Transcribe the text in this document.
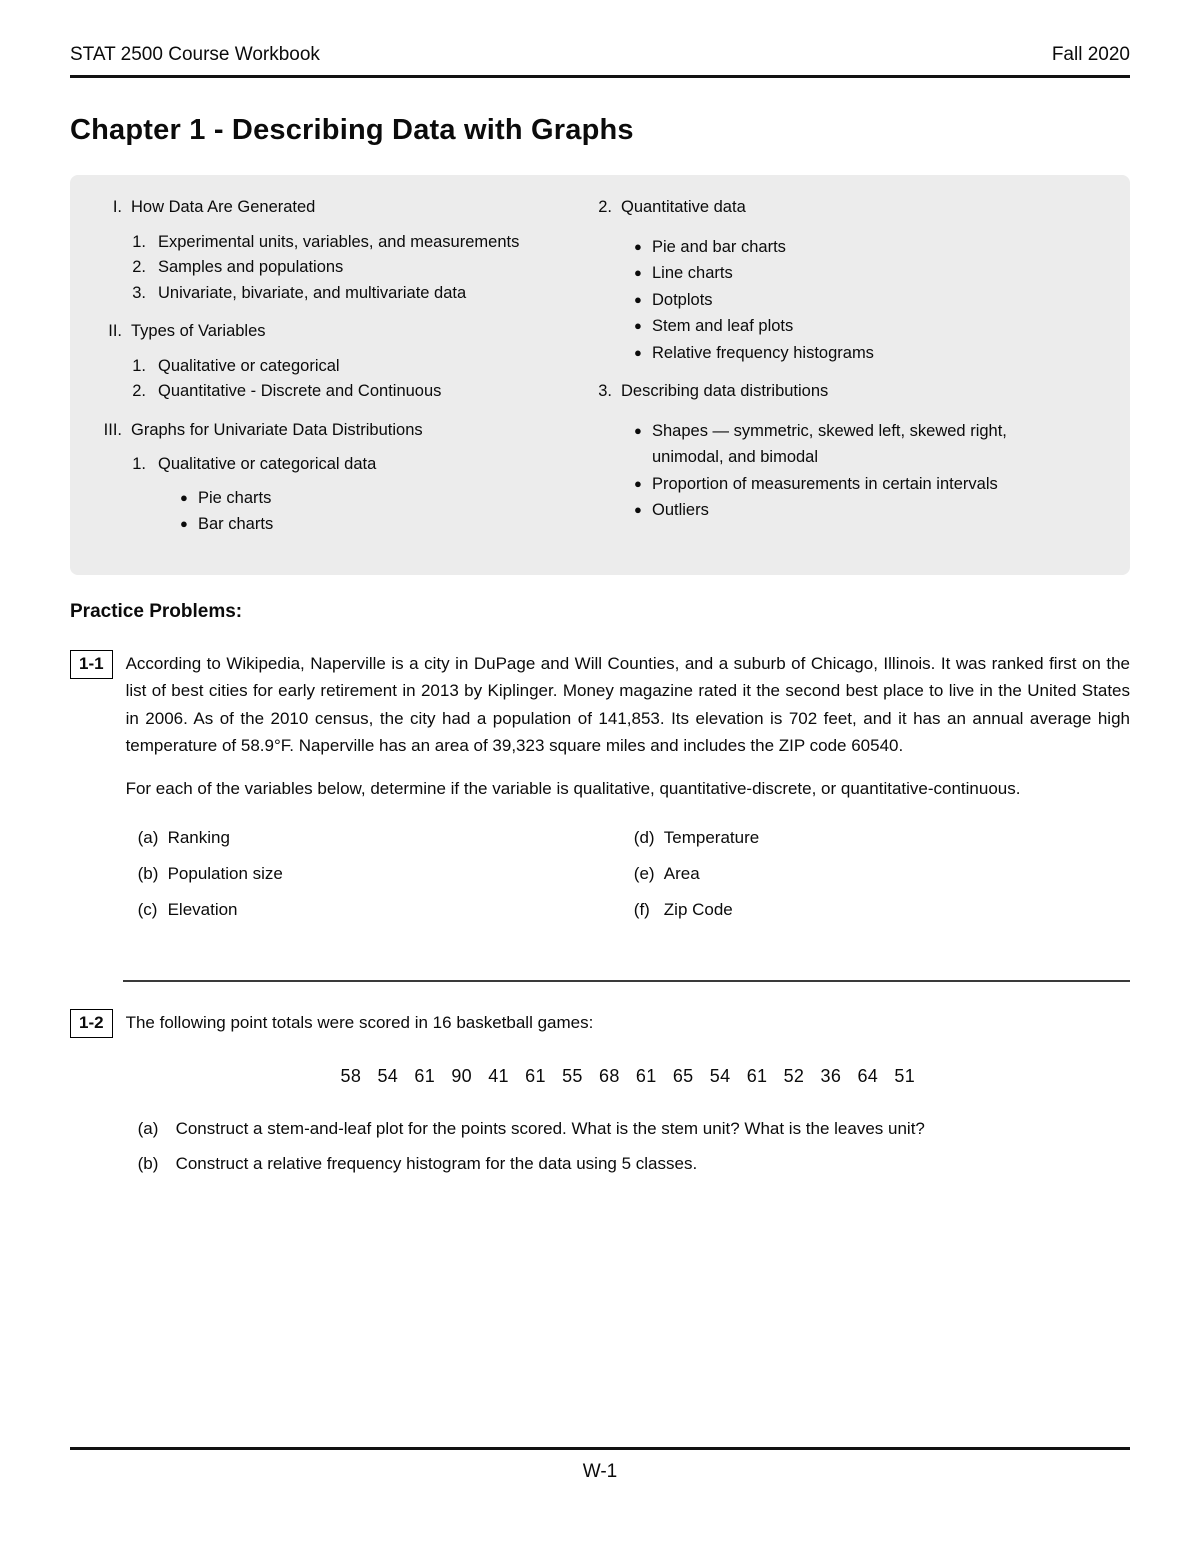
STAT 2500 Course Workbook	Fall 2020
Chapter 1 - Describing Data with Graphs
I. How Data Are Generated
1. Experimental units, variables, and measurements
2. Samples and populations
3. Univariate, bivariate, and multivariate data
II. Types of Variables
1. Qualitative or categorical
2. Quantitative - Discrete and Continuous
III. Graphs for Univariate Data Distributions
1. Qualitative or categorical data
● Pie charts
● Bar charts
2. Quantitative data
● Pie and bar charts
● Line charts
● Dotplots
● Stem and leaf plots
● Relative frequency histograms
3. Describing data distributions
● Shapes — symmetric, skewed left, skewed right, unimodal, and bimodal
● Proportion of measurements in certain intervals
● Outliers
Practice Problems:
1-1	According to Wikipedia, Naperville is a city in DuPage and Will Counties, and a suburb of Chicago, Illinois. It was ranked first on the list of best cities for early retirement in 2013 by Kiplinger. Money magazine rated it the second best place to live in the United States in 2006. As of the 2010 census, the city had a population of 141,853. Its elevation is 702 feet, and it has an annual average high temperature of 58.9°F. Naperville has an area of 39,323 square miles and includes the ZIP code 60540.

For each of the variables below, determine if the variable is qualitative, quantitative-discrete, or quantitative-continuous.

(a) Ranking
(b) Population size
(c) Elevation
(d) Temperature
(e) Area
(f) Zip Code
1-2	The following point totals were scored in 16 basketball games:

58 54 61 90 41 61 55 68 61 65 54 61 52 36 64 51
(a)	Construct a stem-and-leaf plot for the points scored. What is the stem unit? What is the leaves unit?
(b)	Construct a relative frequency histogram for the data using 5 classes.
W-1
